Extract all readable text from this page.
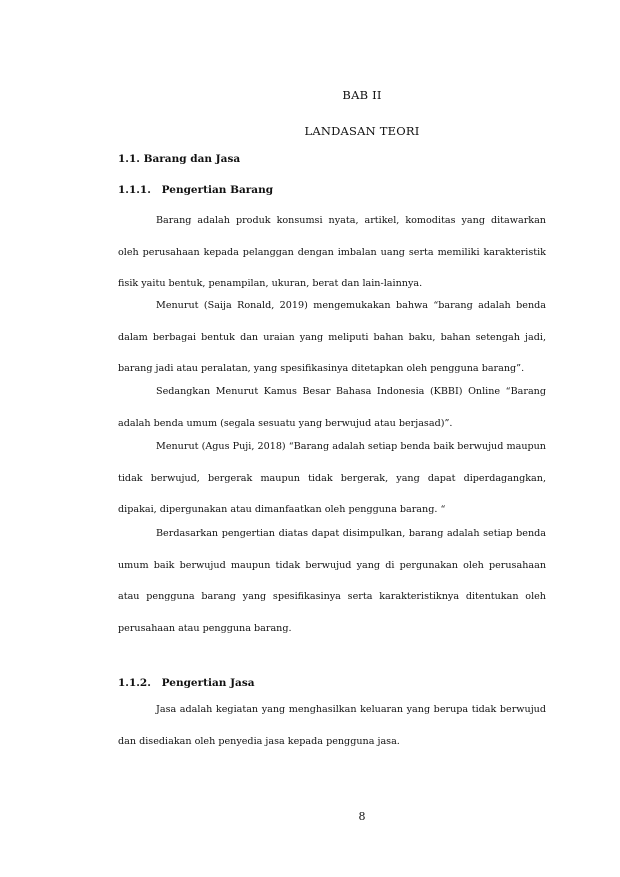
BAB II
LANDASAN TEORI
1.1. Barang dan Jasa
1.1.1. Pengertian Barang

Barang adalah produk konsumsi nyata, artikel, komoditas yang ditawarkan oleh perusahaan kepada pelanggan dengan imbalan uang serta memiliki karakteristik fisik yaitu bentuk, penampilan, ukuran, berat dan lain-lainnya.

Menurut (Saija Ronald, 2019) mengemukakan bahwa “barang adalah benda dalam berbagai bentuk dan uraian yang meliputi bahan baku, bahan setengah jadi, barang jadi atau peralatan, yang spesifikasinya ditetapkan oleh pengguna barang”.

Sedangkan Menurut Kamus Besar Bahasa Indonesia (KBBI) Online “Barang adalah benda umum (segala sesuatu yang berwujud atau berjasad)”.

Menurut (Agus Puji, 2018) “Barang adalah setiap benda baik berwujud maupun tidak berwujud, bergerak maupun tidak bergerak, yang dapat diperdagangkan, dipakai, dipergunakan atau dimanfaatkan oleh pengguna barang. “

Berdasarkan pengertian diatas dapat disimpulkan, barang adalah setiap benda umum baik berwujud maupun tidak berwujud yang di pergunakan oleh perusahaan atau pengguna barang yang spesifikasinya serta karakteristiknya ditentukan oleh perusahaan atau pengguna barang.

1.1.2. Pengertian Jasa

Jasa adalah kegiatan yang menghasilkan keluaran yang berupa tidak berwujud dan disediakan oleh penyedia jasa kepada pengguna jasa.

8
